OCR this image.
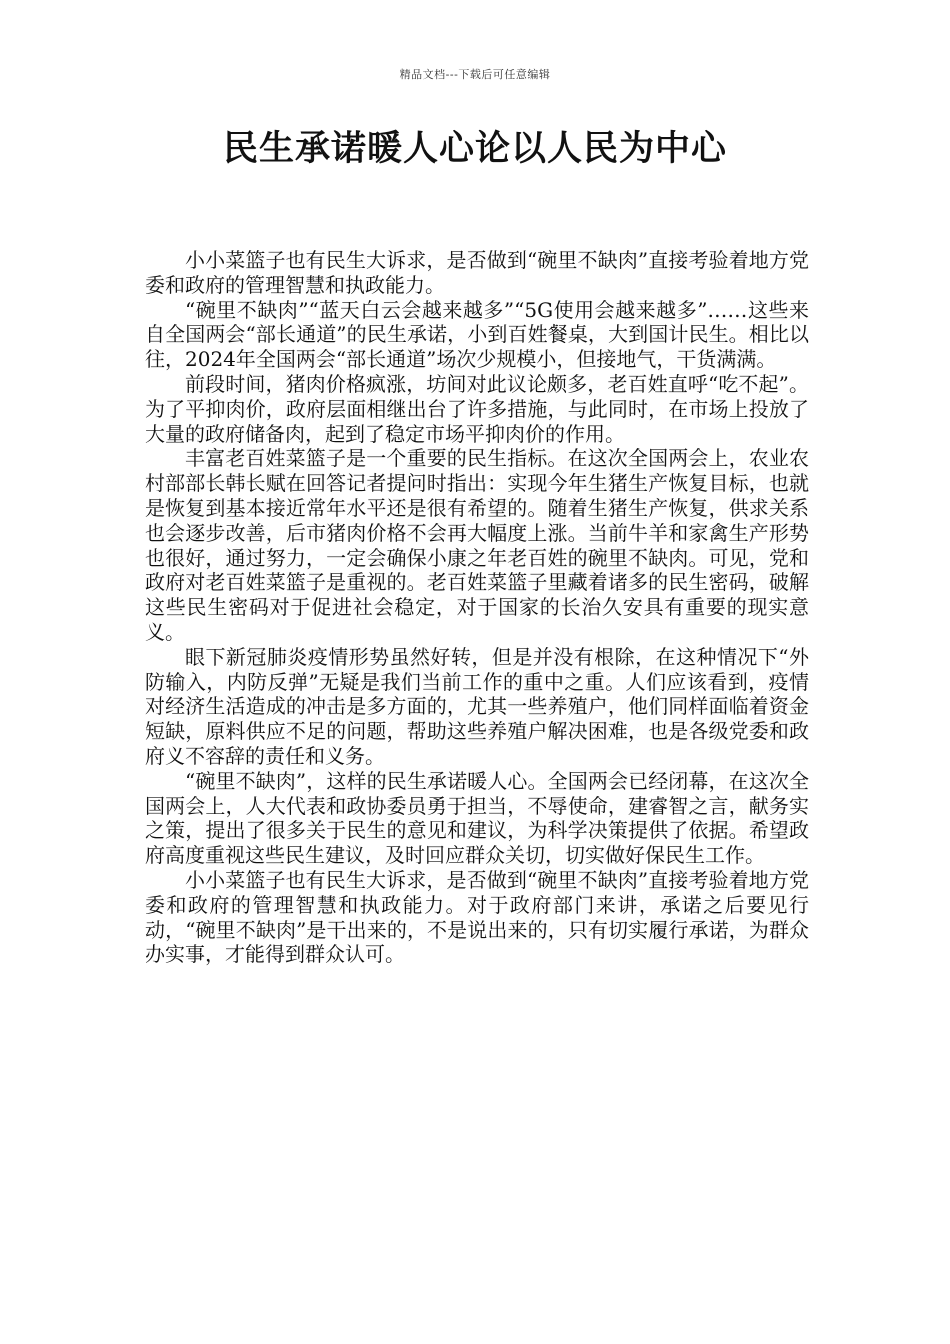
精品文档---下载后可任意编辑
民生承诺暖人心论以人民为中心

小小菜篮子也有民生大诉求，是否做到“碗里不缺肉”直接考验着地方党委和政府的管理智慧和执政能力。

“碗里不缺肉”“蓝天白云会越来越多”“5G使用会越来越多”……这些来自全国两会“部长通道”的民生承诺，小到百姓餐桌，大到国计民生。相比以往，2024年全国两会“部长通道”场次少规模小，但接地气，干货满满。

前段时间，猪肉价格疯涨，坊间对此议论颇多，老百姓直呼“吃不起”。为了平抑肉价，政府层面相继出台了许多措施，与此同时，在市场上投放了大量的政府储备肉，起到了稳定市场平抑肉价的作用。

丰富老百姓菜篮子是一个重要的民生指标。在这次全国两会上，农业农村部部长韩长赋在回答记者提问时指出：实现今年生猪生产恢复目标，也就是恢复到基本接近常年水平还是很有希望的。随着生猪生产恢复，供求关系也会逐步改善，后市猪肉价格不会再大幅度上涨。当前牛羊和家禽生产形势也很好，通过努力，一定会确保小康之年老百姓的碗里不缺肉。可见，党和政府对老百姓菜篮子是重视的。老百姓菜篮子里藏着诸多的民生密码，破解这些民生密码对于促进社会稳定，对于国家的长治久安具有重要的现实意义。

眼下新冠肺炎疫情形势虽然好转，但是并没有根除，在这种情况下“外防输入，内防反弹”无疑是我们当前工作的重中之重。人们应该看到，疫情对经济生活造成的冲击是多方面的，尤其一些养殖户，他们同样面临着资金短缺，原料供应不足的问题，帮助这些养殖户解决困难，也是各级党委和政府义不容辞的责任和义务。

“碗里不缺肉”，这样的民生承诺暖人心。全国两会已经闭幕，在这次全国两会上，人大代表和政协委员勇于担当，不辱使命，建睿智之言，献务实之策，提出了很多关于民生的意见和建议，为科学决策提供了依据。希望政府高度重视这些民生建议，及时回应群众关切，切实做好保民生工作。

小小菜篮子也有民生大诉求，是否做到“碗里不缺肉”直接考验着地方党委和政府的管理智慧和执政能力。对于政府部门来讲，承诺之后要见行动，“碗里不缺肉”是干出来的，不是说出来的，只有切实履行承诺，为群众办实事，才能得到群众认可。
